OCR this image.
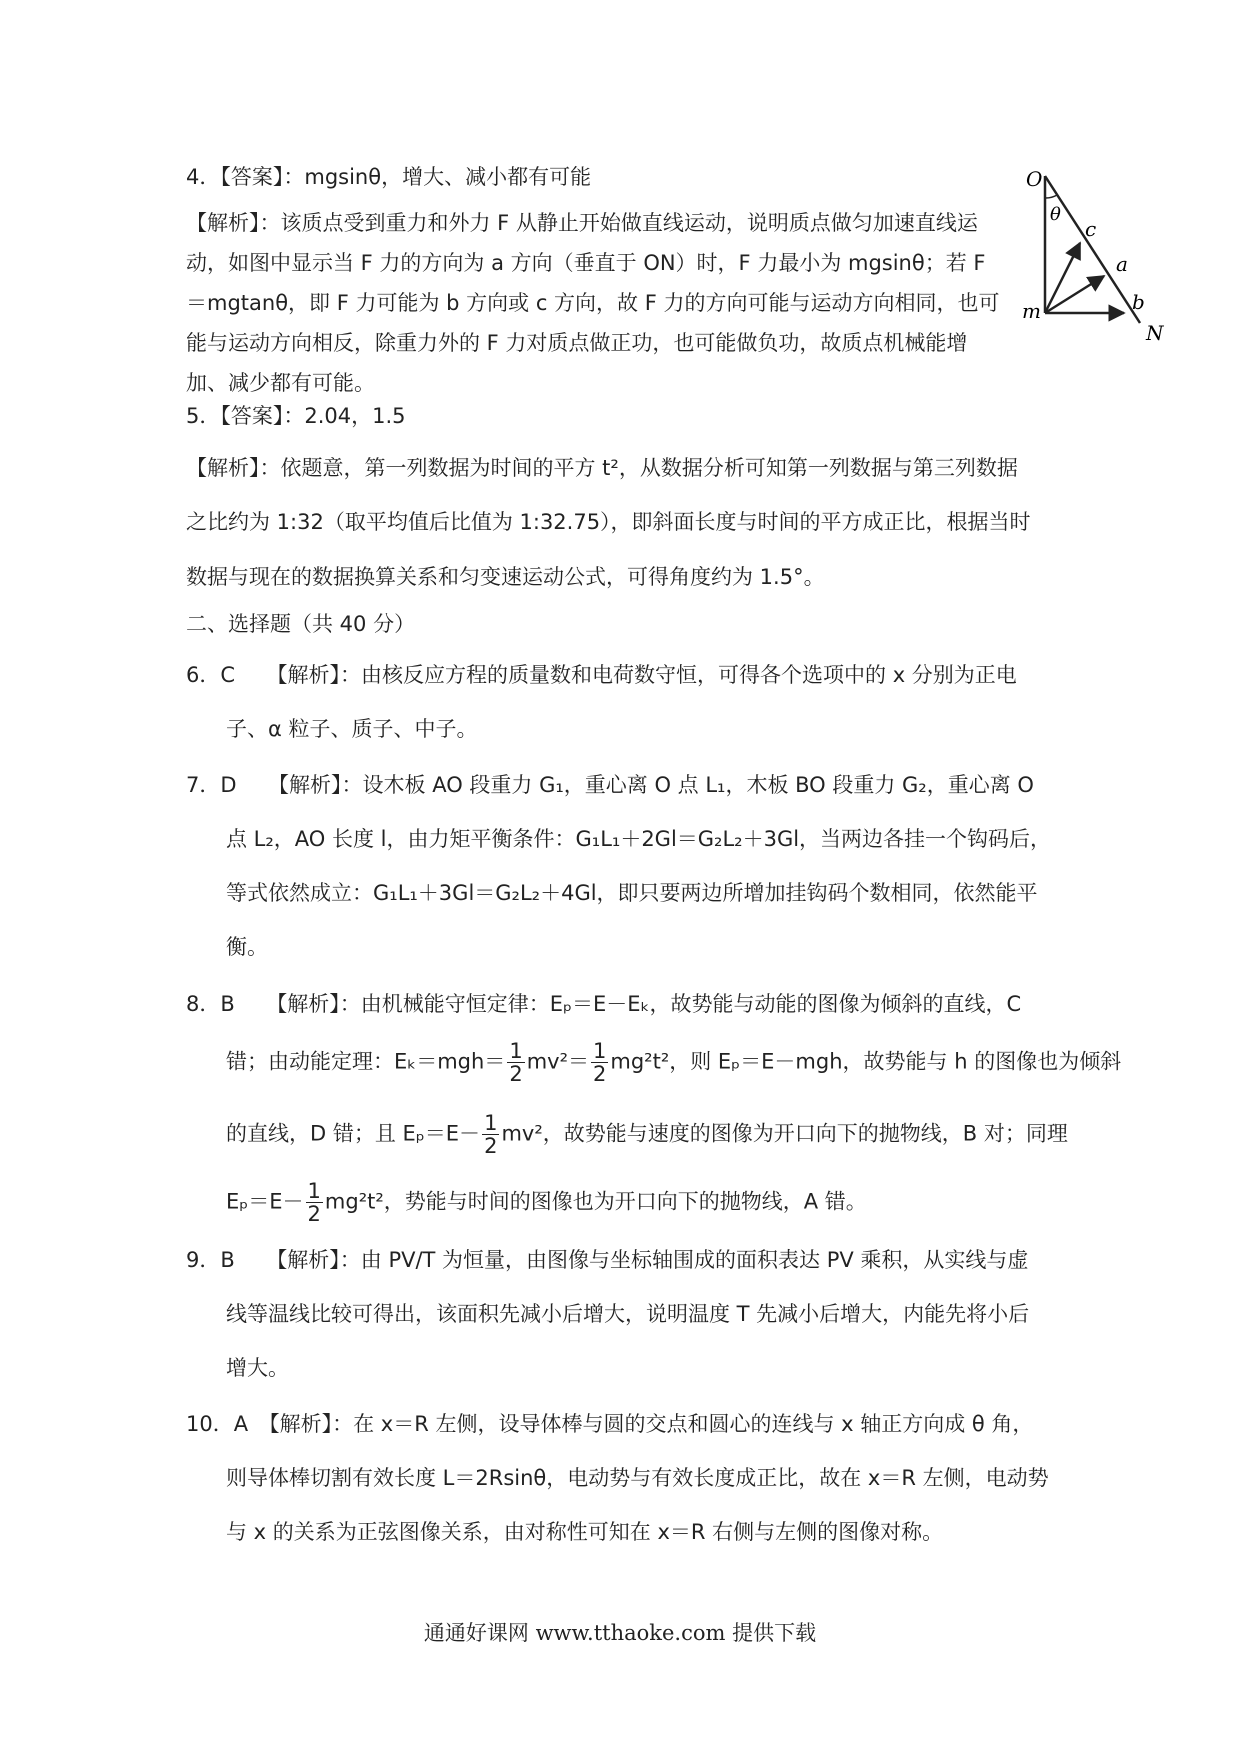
4．【答案】：mgsinθ，增大、减小都有可能
【解析】：该质点受到重力和外力 F 从静止开始做直线运动，说明质点做匀加速直线运
动，如图中显示当 F 力的方向为 a 方向（垂直于 ON）时，F 力最小为 mgsinθ；若 F
＝mgtanθ，即 F 力可能为 b 方向或 c 方向，故 F 力的方向可能与运动方向相同，也可
能与运动方向相反，除重力外的 F 力对质点做正功，也可能做负功，故质点机械能增
加、减少都有可能。
O
θ
c
a
b
m
N
5．【答案】：2.04，1.5
【解析】：依题意，第一列数据为时间的平方 t²，从数据分析可知第一列数据与第三列数据
之比约为 1:32（取平均值后比值为 1:32.75），即斜面长度与时间的平方成正比，根据当时
数据与现在的数据换算关系和匀变速运动公式，可得角度约为 1.5°。
二、选择题（共 40 分）
6．C　　【解析】：由核反应方程的质量数和电荷数守恒，可得各个选项中的 x 分别为正电
子、α 粒子、质子、中子。
7．D　　【解析】：设木板 AO 段重力 G₁，重心离 O 点 L₁，木板 BO 段重力 G₂，重心离 O
点 L₂，AO 长度 l，由力矩平衡条件：G₁L₁＋2Gl＝G₂L₂＋3Gl，当两边各挂一个钩码后，
等式依然成立：G₁L₁＋3Gl＝G₂L₂＋4Gl，即只要两边所增加挂钩码个数相同，依然能平
衡。
8．B　　【解析】：由机械能守恒定律：Eₚ＝E－Eₖ，故势能与动能的图像为倾斜的直线，C
错；由动能定理：$E_k=mgh= \frac{1}{2} mv^2= \frac{1}{2} mg^2t^2$，则 Eₚ＝E－mgh，故势能与 h 的图像也为倾斜
的直线，D 错；且 $E_p=E- \frac{1}{2} mv^2$，故势能与速度的图像为开口向下的抛物线，B 对；同理
$E_p=E- \frac{1}{2} mg^2t^2$，势能与时间的图像也为开口向下的抛物线，A 错。
9．B　　【解析】：由 PV/T 为恒量，由图像与坐标轴围成的面积表达 PV 乘积，从实线与虚
线等温线比较可得出，该面积先减小后增大，说明温度 T 先减小后增大，内能先将小后
增大。
10．A　【解析】：在 x＝R 左侧，设导体棒与圆的交点和圆心的连线与 x 轴正方向成 θ 角，
则导体棒切割有效长度 L＝2Rsinθ，电动势与有效长度成正比，故在 x＝R 左侧，电动势
与 x 的关系为正弦图像关系，由对称性可知在 x＝R 右侧与左侧的图像对称。
通通好课网 www.tthaoke.com 提供下载
